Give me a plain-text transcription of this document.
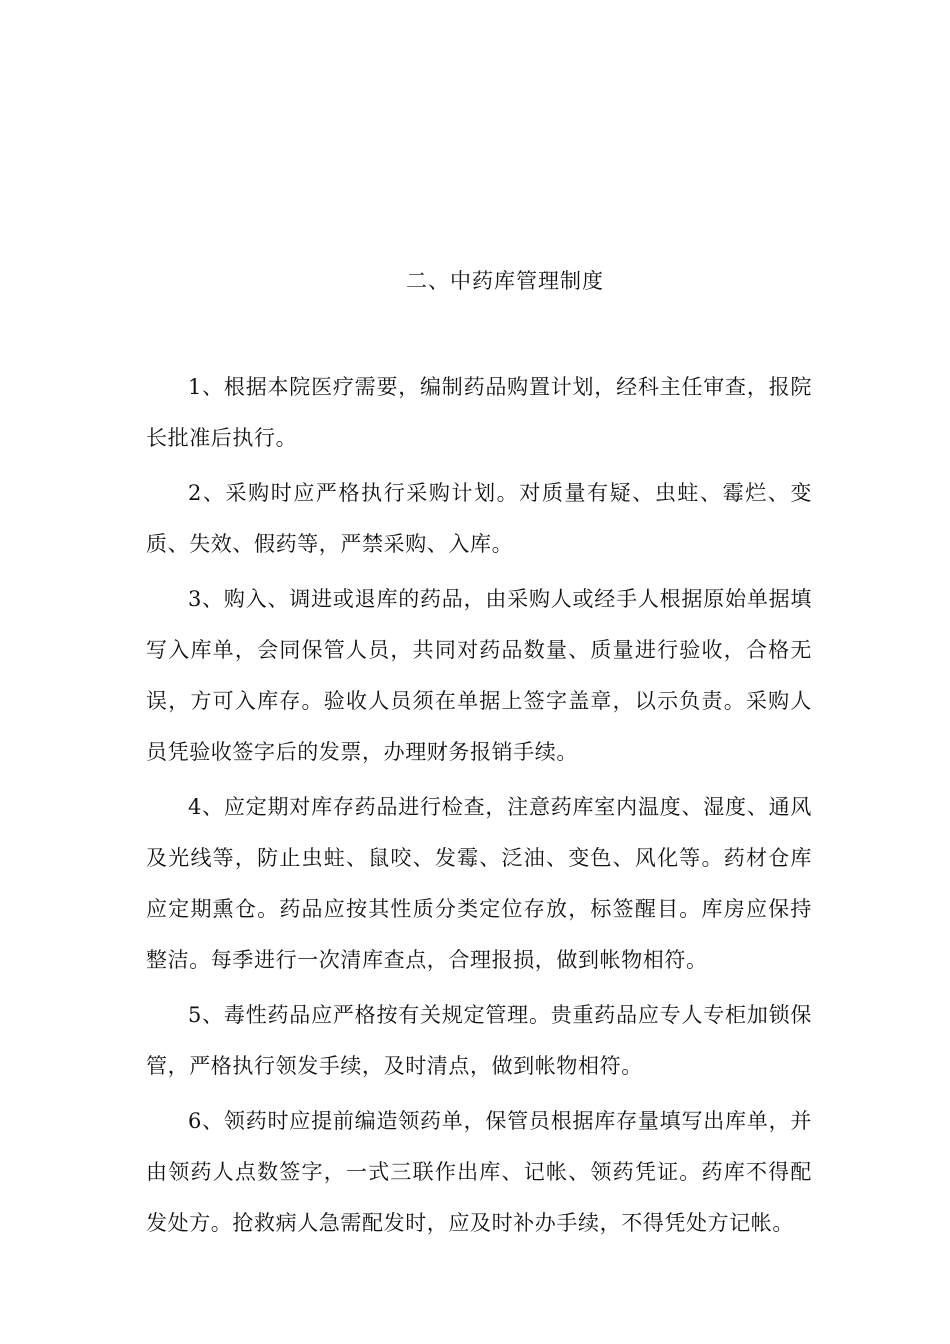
二、中药库管理制度

1、根据本院医疗需要，编制药品购置计划，经科主任审查，报院长批准后执行。

2、采购时应严格执行采购计划。对质量有疑、虫蛀、霉烂、变质、失效、假药等，严禁采购、入库。

3、购入、调进或退库的药品，由采购人或经手人根据原始单据填写入库单，会同保管人员，共同对药品数量、质量进行验收，合格无误，方可入库存。验收人员须在单据上签字盖章，以示负责。采购人员凭验收签字后的发票，办理财务报销手续。

4、应定期对库存药品进行检查，注意药库室内温度、湿度、通风及光线等，防止虫蛀、鼠咬、发霉、泛油、变色、风化等。药材仓库应定期熏仓。药品应按其性质分类定位存放，标签醒目。库房应保持整洁。每季进行一次清库查点，合理报损，做到帐物相符。

5、毒性药品应严格按有关规定管理。贵重药品应专人专柜加锁保管，严格执行领发手续，及时清点，做到帐物相符。

6、领药时应提前编造领药单，保管员根据库存量填写出库单，并由领药人点数签字，一式三联作出库、记帐、领药凭证。药库不得配发处方。抢救病人急需配发时，应及时补办手续，不得凭处方记帐。
